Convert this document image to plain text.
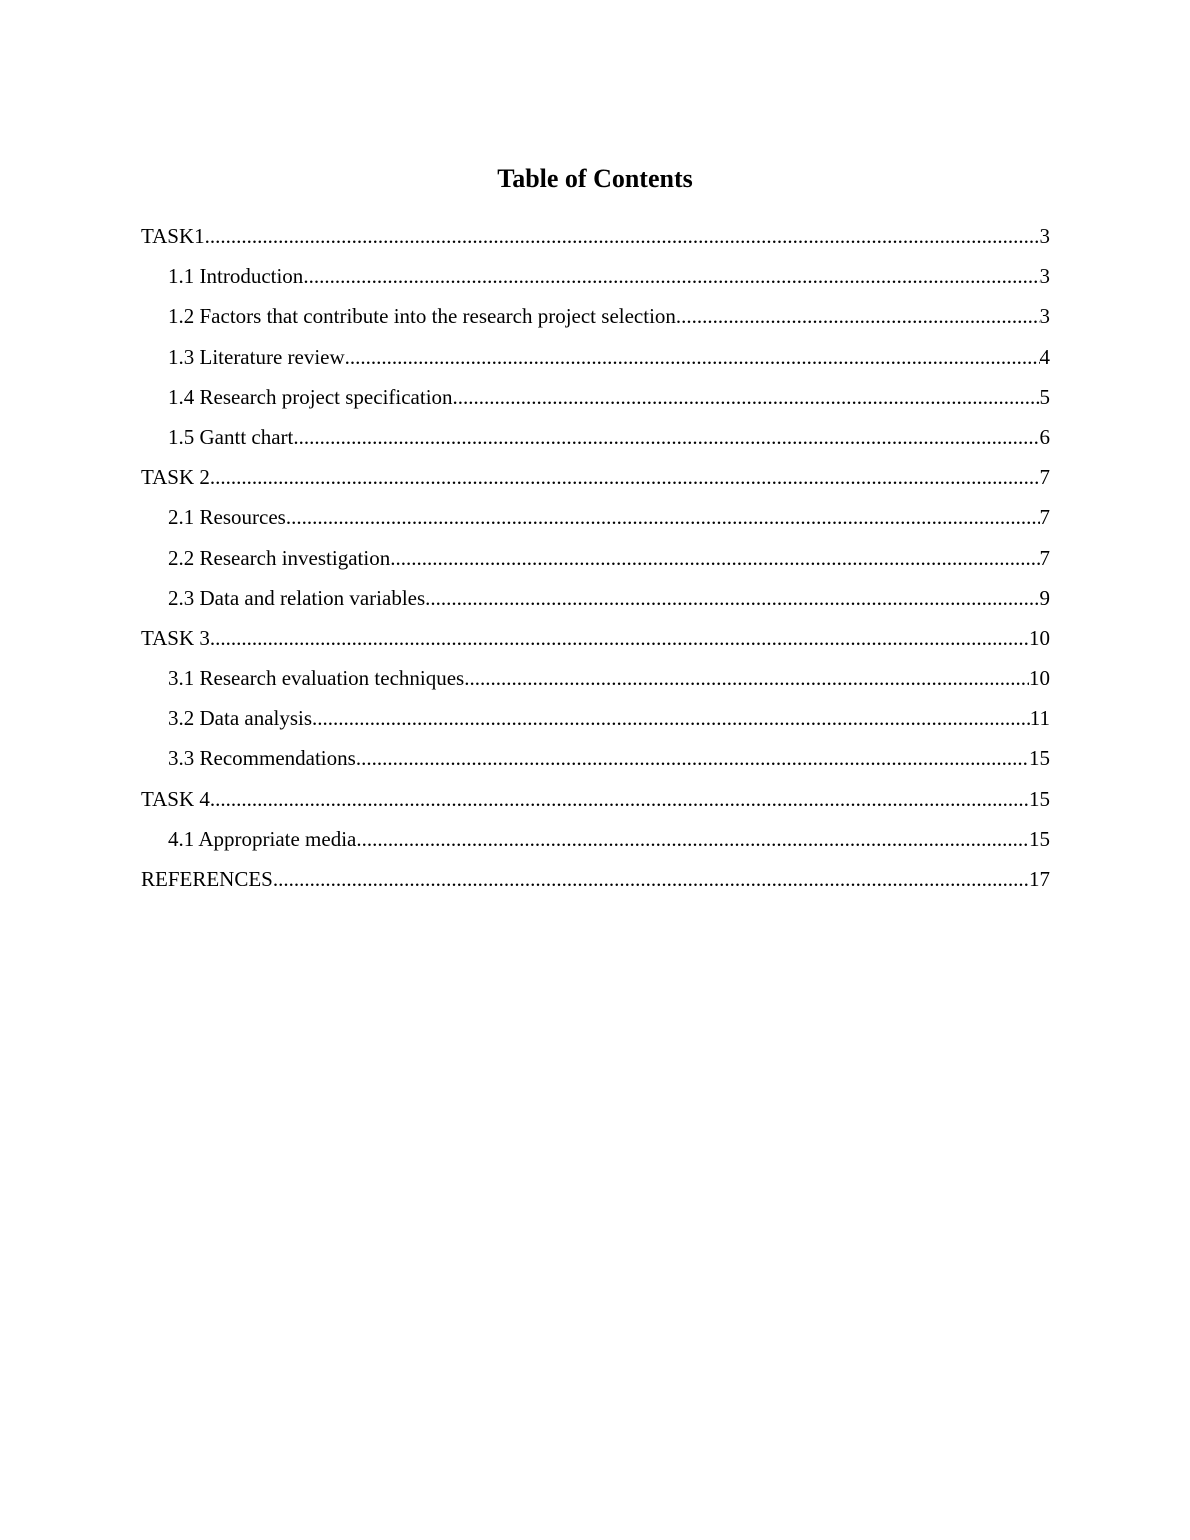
Table of Contents
TASK1 .....	3
1.1 Introduction .....	3
1.2 Factors that contribute into the research project selection .....	3
1.3 Literature review .....	4
1.4 Research project specification .....	5
1.5 Gantt chart .....	6
TASK 2 .....	7
2.1 Resources .....	7
2.2 Research investigation .....	7
2.3 Data and relation variables .....	9
TASK 3 .....	10
3.1 Research evaluation techniques .....	10
3.2 Data analysis .....	11
3.3 Recommendations .....	15
TASK 4 .....	15
4.1 Appropriate media .....	15
REFERENCES .....	17
